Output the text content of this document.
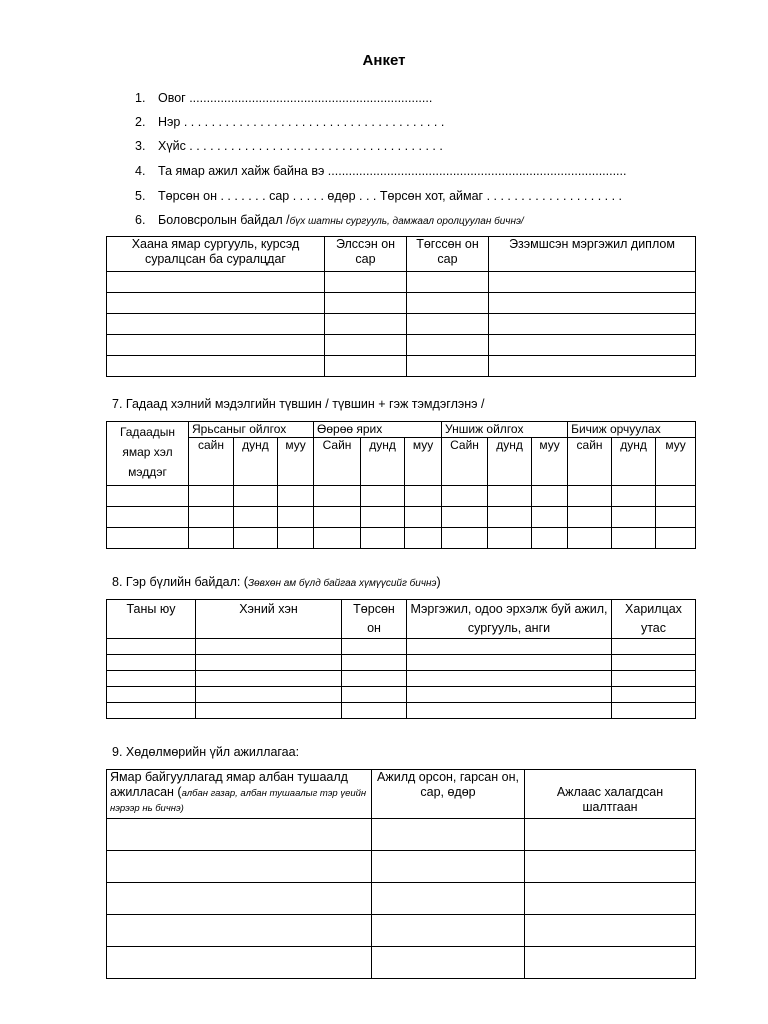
Анкет
1. Овог ......................................................................
2. Нэр . . . . . . . . . . . . . . . . . . . . . . . . . . . . . . . . . . . . . .
3. Хүйс . . . . . . . . . . . . . . . . . . . . . . . . . . . . . . . . . . . . .
4. Та ямар ажил хайж байна вэ ......................................................................................
5. Төрсөн он . . . . . . . сар . . . . . өдөр . . . Төрсөн хот, аймаг . . . . . . . . . . . . . . . . . . . .
6. Боловсролын байдал /бүх шатны сургууль, дамжаал оролцуулан бичнэ/
Хаана ямар сургууль, курсэд суралцсан ба суралцдаг	Элссэн он сар	Төгссөн он сар	Эзэмшсэн мэргэжил диплом

7. Гадаад хэлний мэдэлгийн түвшин / түвшин + гэж тэмдэглэнэ /
Гадаадын ямар хэл мэддэг	Ярьсаныг ойлгох			Өөрөө ярих			Уншиж ойлгох			Бичиж орчуулах		
	сайн	дунд	муу	Сайн	дунд	муу	Сайн	дунд	муу	сайн	дунд	муу

8. Гэр бүлийн байдал: (Зөвхөн ам бүлд байгаа хүмүүсийг бичнэ)
Таны юу	Хэний хэн	Төрсөн он	Мэргэжил, одоо эрхэлж буй ажил, сургууль, анги	Харилцах утас

9. Хөдөлмөрийн үйл ажиллагаа:
Ямар байгууллагад ямар албан тушаалд ажилласан (албан газар, албан тушаалыг тэр үеийн нэрээр нь бичнэ)	Ажилд орсон, гарсан он, сар, өдөр	Ажлаас халагдсан шалтгаан
